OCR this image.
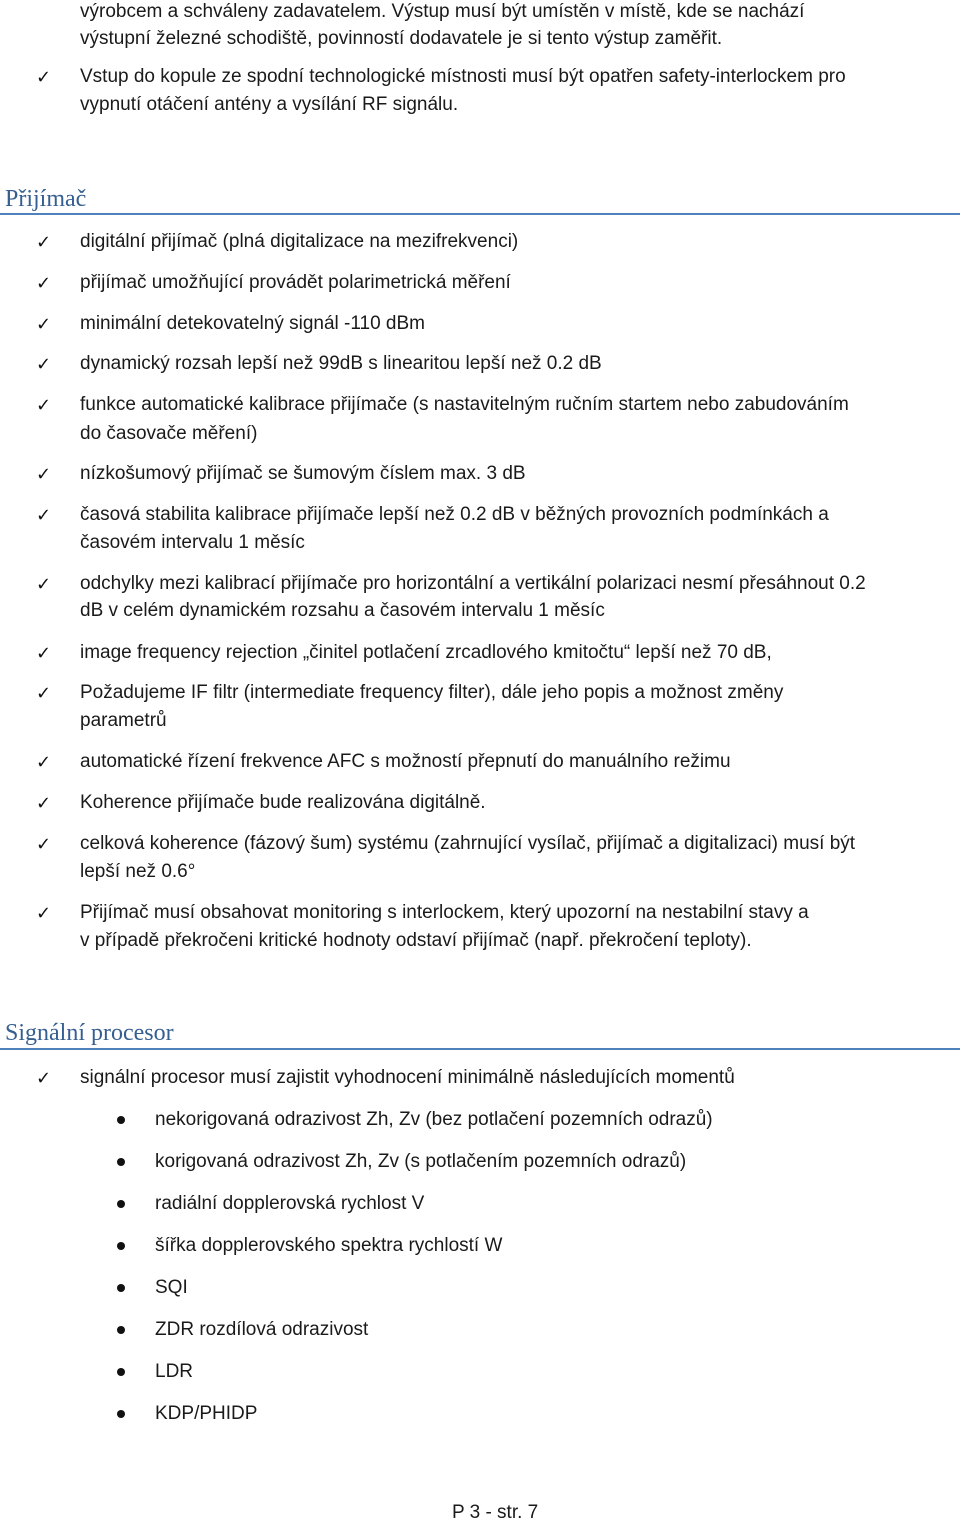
výrobcem a schváleny zadavatelem. Výstup musí být umístěn v místě, kde se nachází
výstupní železné schodiště, povinností dodavatele je si tento výstup zaměřit.
✓ Vstup do kopule ze spodní technologické místnosti musí být opatřen safety-interlockem pro
vypnutí otáčení antény a vysílání RF signálu.
Přijímač
✓ digitální přijímač (plná digitalizace na mezifrekvenci)
✓ přijímač umožňující provádět polarimetrická měření
✓ minimální detekovatelný signál -110 dBm
✓ dynamický rozsah lepší než 99dB s linearitou lepší než 0.2 dB
✓ funkce automatické kalibrace přijímače (s nastavitelným ručním startem nebo zabudováním
do časovače měření)
✓ nízkošumový přijímač se šumovým číslem max. 3 dB
✓ časová stabilita kalibrace přijímače lepší než 0.2 dB v běžných provozních podmínkách a
časovém intervalu 1 měsíc
✓ odchylky mezi kalibrací přijímače pro horizontální a vertikální polarizaci nesmí přesáhnout 0.2
dB v celém dynamickém rozsahu a časovém intervalu 1 měsíc
✓ image frequency rejection „činitel potlačení zrcadlového kmitočtu“ lepší než 70 dB,
✓ Požadujeme IF filtr (intermediate frequency filter), dále jeho popis a možnost změny
parametrů
✓ automatické řízení frekvence AFC s možností přepnutí do manuálního režimu
✓ Koherence přijímače bude realizována digitálně.
✓ celková koherence (fázový šum) systému (zahrnující vysílač, přijímač a digitalizaci) musí být
lepší než 0.6°
✓ Přijímač musí obsahovat monitoring s interlockem, který upozorní na nestabilní stavy a
v případě překročeni kritické hodnoty odstaví přijímač (např. překročení teploty).
Signální procesor
✓ signální procesor musí zajistit vyhodnocení minimálně následujících momentů
nekorigovaná odrazivost Zh, Zv (bez potlačení pozemních odrazů)
korigovaná odrazivost Zh, Zv (s potlačením pozemních odrazů)
radiální dopplerovská rychlost V
šířka dopplerovského spektra rychlostí W
SQI
ZDR rozdílová odrazivost
LDR
KDP/PHIDP
P 3 - str. 7
